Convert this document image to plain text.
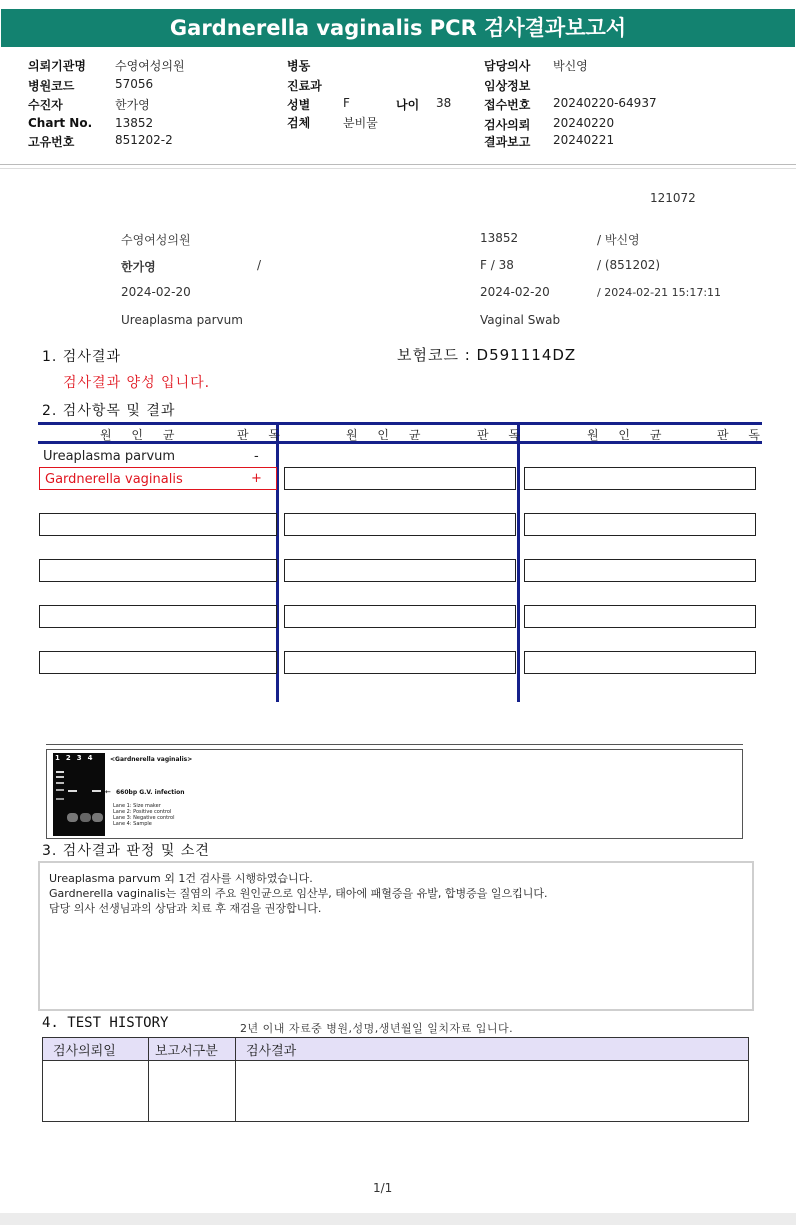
Gardnerella vaginalis PCR 검사결과보고서
의뢰기관명 수영여성의원
병원코드	57056
수진자	한가영
Chart No. 13852
고유번호	851202-2
병동
진료과
성별	F	나이 38
검체	분비물
담당의사 박신영
임상정보
접수번호 20240220-64937
검사의뢰 20240220
결과보고 20240221
121072
수영여성의원	13852	/ 박신영
한가영	/	F / 38	/ (851202)
2024-02-20	2024-02-20	/ 2024-02-21 15:17:11
Ureaplasma parvum	Vaginal Swab
1. 검사결과	보험코드 : D591114DZ
검사결과 양성 입니다.
2. 검사항목 및 결과
원 인 균	판 독	원 인 균	판 독	원 인 균	판 독
Ureaplasma parvum	-
Gardnerella vaginalis	+
1234 <Gardnerella vaginalis>
← 660bp G.V. infection
Lane 1: Size maker
Lane 2: Positive control
Lane 3: Negative control
Lane 4: Sample
3. 검사결과 판정 및 소견
Ureaplasma parvum 외 1건 검사를 시행하였습니다.
Gardnerella vaginalis는 질염의 주요 원인균으로 임산부, 태아에 패혈증을 유발, 합병증을 일으킵니다.
담당 의사 선생님과의 상담과 치료 후 재검을 권장합니다.
4. TEST HISTORY	2년 이내 자료중 병원,성명,생년월일 일치자료 입니다.
검사의뢰일	보고서구분	검사결과

1/1
